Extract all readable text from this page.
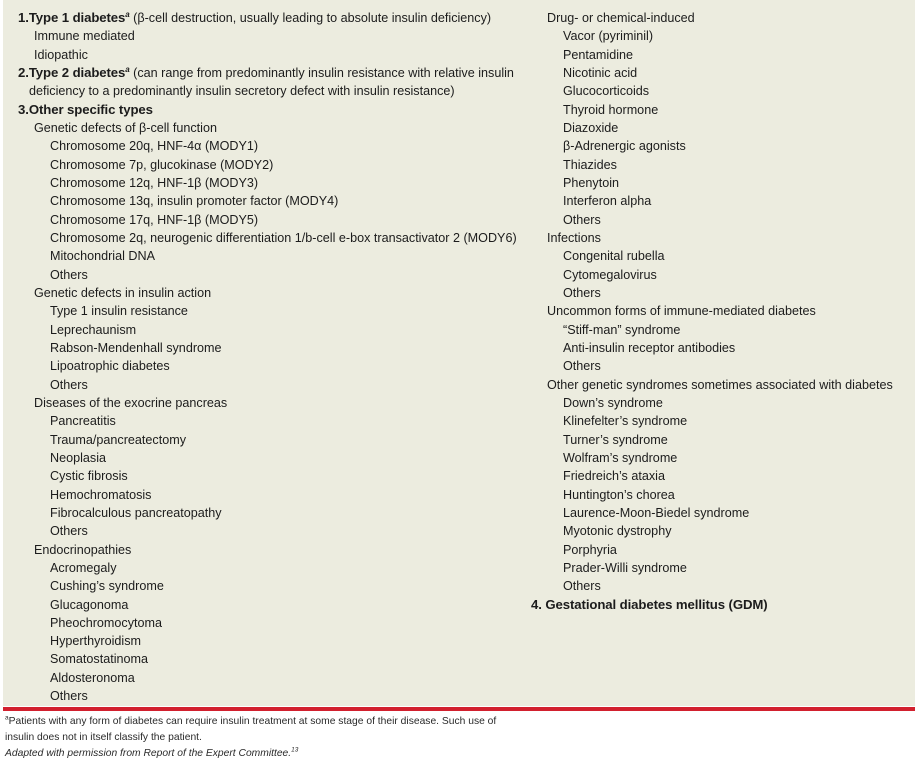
1.Type 1 diabetes$^a$ (β-cell destruction, usually leading to absolute insulin deficiency)
Immune mediated
Idiopathic
2.Type 2 diabetes$^a$ (can range from predominantly insulin resistance with relative insulin
deficiency to a predominantly insulin secretory defect with insulin resistance)
3.Other specific types
Genetic defects of β-cell function
Chromosome 20q, HNF-4α (MODY1)
Chromosome 7p, glucokinase (MODY2)
Chromosome 12q, HNF-1β (MODY3)
Chromosome 13q, insulin promoter factor (MODY4)
Chromosome 17q, HNF-1β (MODY5)
Chromosome 2q, neurogenic differentiation 1/b-cell e-box transactivator 2 (MODY6)
Mitochondrial DNA
Others
Genetic defects in insulin action
Type 1 insulin resistance
Leprechaunism
Rabson-Mendenhall syndrome
Lipoatrophic diabetes
Others
Diseases of the exocrine pancreas
Pancreatitis
Trauma/pancreatectomy
Neoplasia
Cystic fibrosis
Hemochromatosis
Fibrocalculous pancreatopathy
Others
Endocrinopathies
Acromegaly
Cushing’s syndrome
Glucagonoma
Pheochromocytoma
Hyperthyroidism
Somatostatinoma
Aldosteronoma
Others
Drug- or chemical-induced
Vacor (pyriminil)
Pentamidine
Nicotinic acid
Glucocorticoids
Thyroid hormone
Diazoxide
β-Adrenergic agonists
Thiazides
Phenytoin
Interferon alpha
Others
Infections
Congenital rubella
Cytomegalovirus
Others
Uncommon forms of immune-mediated diabetes
“Stiff-man” syndrome
Anti-insulin receptor antibodies
Others
Other genetic syndromes sometimes associated with diabetes
Down’s syndrome
Klinefelter’s syndrome
Turner’s syndrome
Wolfram’s syndrome
Friedreich’s ataxia
Huntington’s chorea
Laurence-Moon-Biedel syndrome
Myotonic dystrophy
Porphyria
Prader-Willi syndrome
Others
4. Gestational diabetes mellitus (GDM)
$^a$Patients with any form of diabetes can require insulin treatment at some stage of their disease. Such use of
insulin does not in itself classify the patient.
Adapted with permission from Report of the Expert Committee.$^{13}$
